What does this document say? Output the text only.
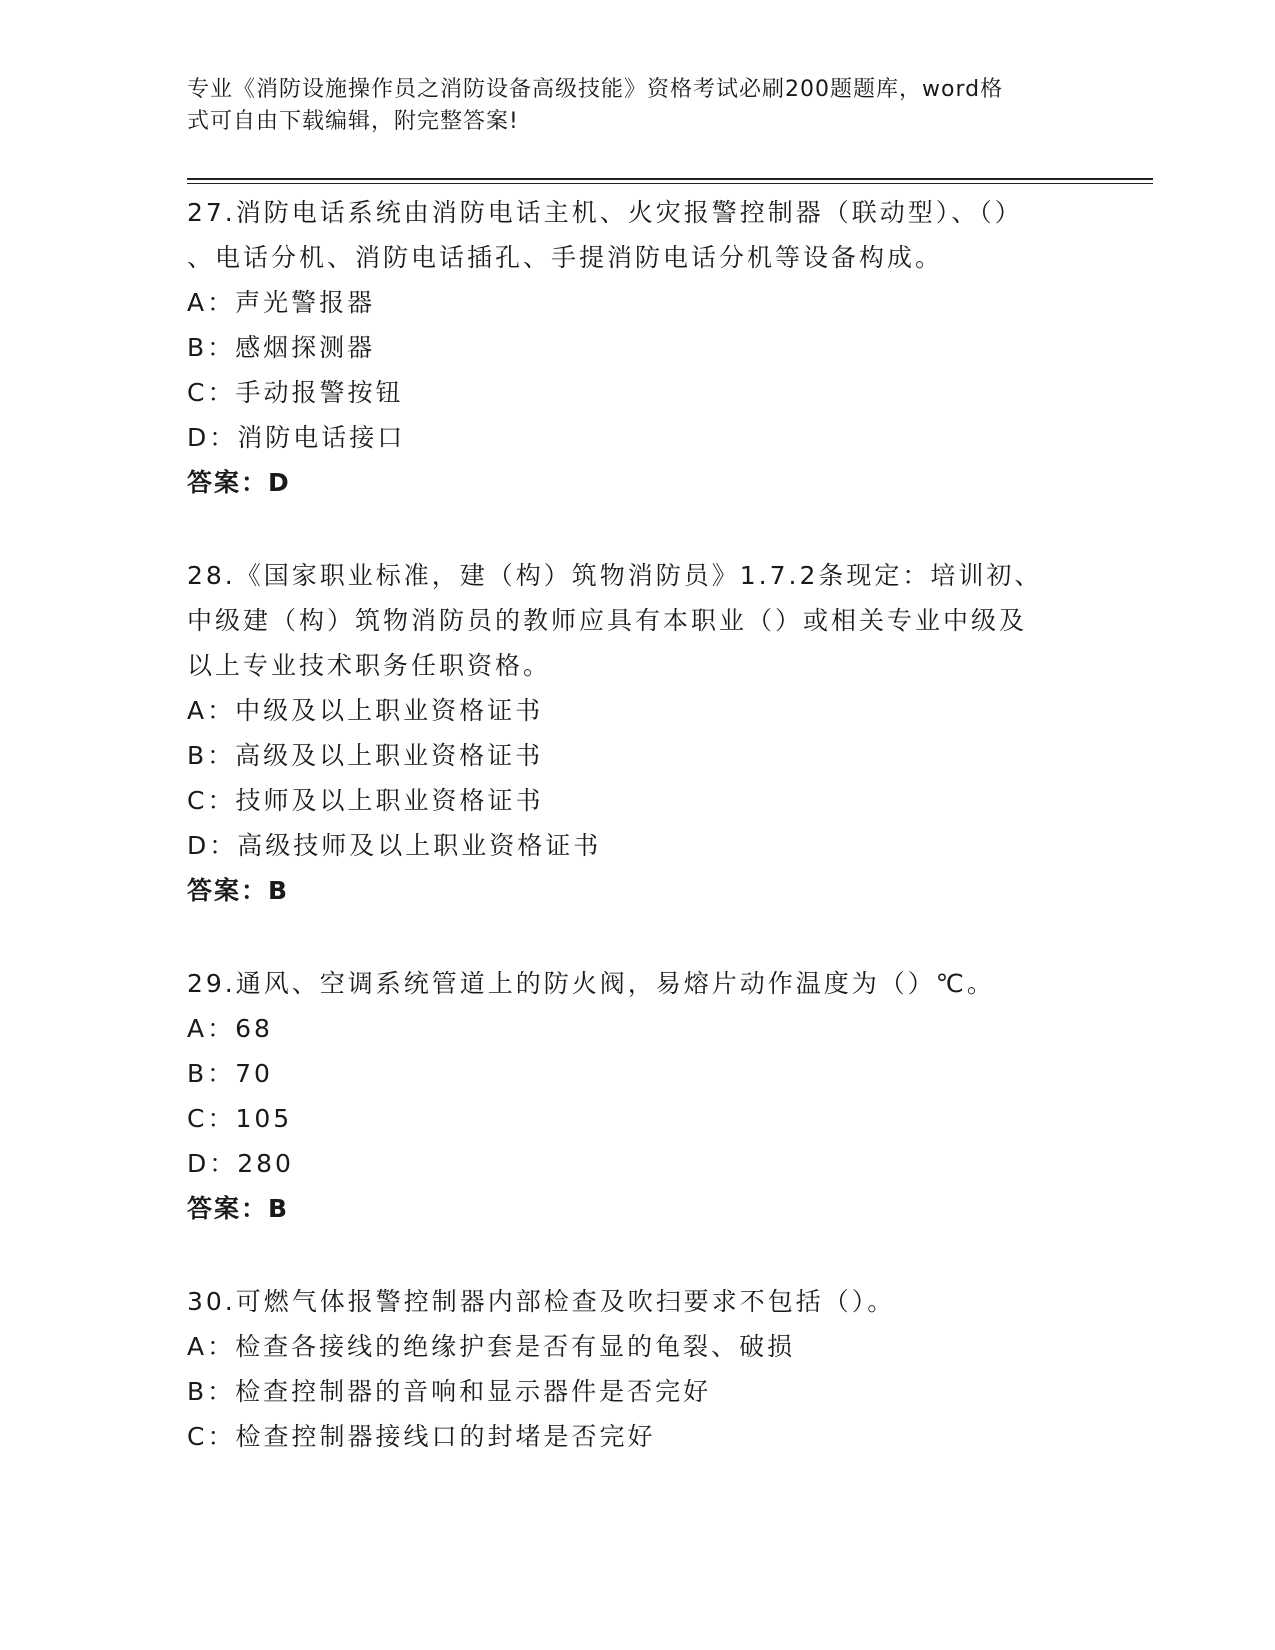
专业《消防设施操作员之消防设备高级技能》资格考试必刷200题题库，word格
式可自由下载编辑，附完整答案!

27.消防电话系统由消防电话主机、火灾报警控制器（联动型）、（）

、电话分机、消防电话插孔、手提消防电话分机等设备构成。

A：声光警报器

B：感烟探测器

C：手动报警按钮

D：消防电话接口

答案：D

28.《国家职业标准，建（构）筑物消防员》1.7.2条现定：培训初、

中级建（构）筑物消防员的教师应具有本职业（）或相关专业中级及

以上专业技术职务任职资格。

A：中级及以上职业资格证书

B：高级及以上职业资格证书

C：技师及以上职业资格证书

D：高级技师及以上职业资格证书

答案：B

29.通风、空调系统管道上的防火阀，易熔片动作温度为（）℃。

A：68

B：70

C：105

D：280

答案：B

30.可燃气体报警控制器内部检查及吹扫要求不包括（）。

A：检查各接线的绝缘护套是否有显的龟裂、破损

B：检查控制器的音响和显示器件是否完好

C：检查控制器接线口的封堵是否完好
